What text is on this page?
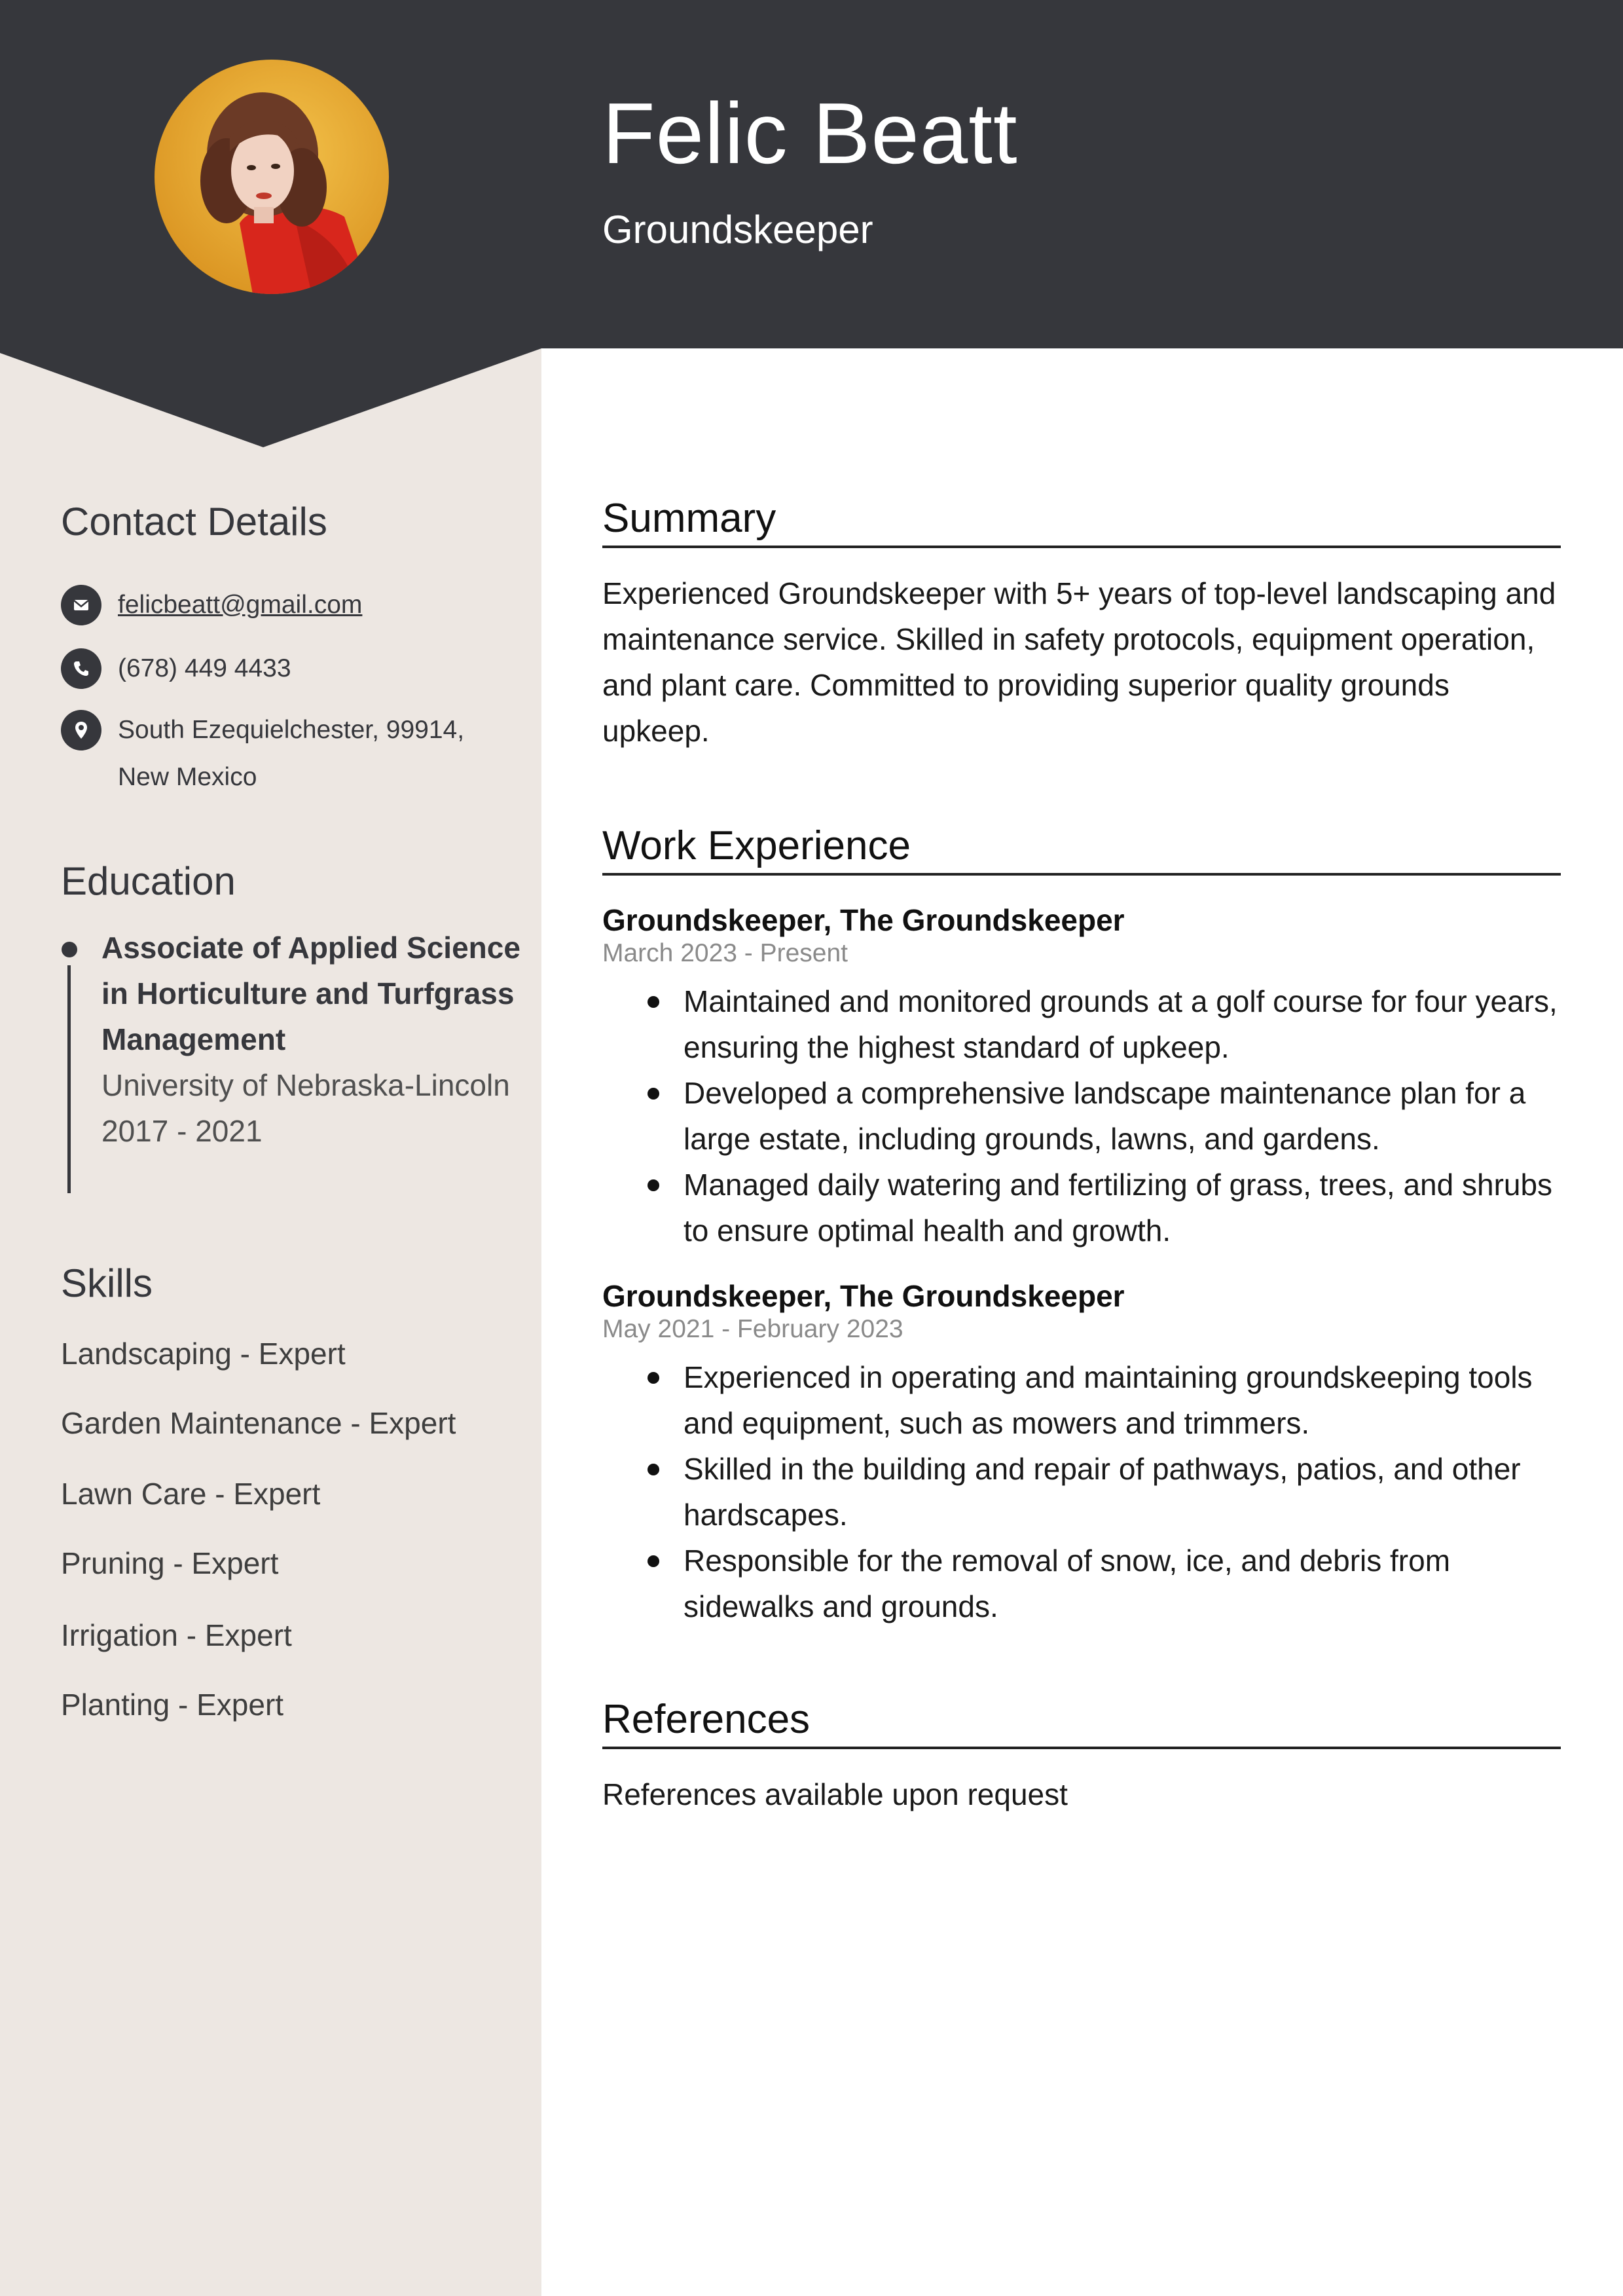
Felic Beatt
Groundskeeper
Contact Details
felicbeatt@gmail.com
(678) 449 4433
South Ezequielchester, 99914,
New Mexico
Education
Associate of Applied Science in Horticulture and Turfgrass Management
University of Nebraska-Lincoln
2017 - 2021
Skills
Landscaping - Expert
Garden Maintenance - Expert
Lawn Care - Expert
Pruning - Expert
Irrigation - Expert
Planting - Expert
Summary

Experienced Groundskeeper with 5+ years of top-level landscaping and maintenance service. Skilled in safety protocols, equipment operation, and plant care. Committed to providing superior quality grounds upkeep.

Work Experience
Groundskeeper, The Groundskeeper
March 2023 - Present
Maintained and monitored grounds at a golf course for four years, ensuring the highest standard of upkeep.
Developed a comprehensive landscape maintenance plan for a large estate, including grounds, lawns, and gardens.
Managed daily watering and fertilizing of grass, trees, and shrubs to ensure optimal health and growth.
Groundskeeper, The Groundskeeper
May 2021 - February 2023
Experienced in operating and maintaining groundskeeping tools and equipment, such as mowers and trimmers.
Skilled in the building and repair of pathways, patios, and other hardscapes.
Responsible for the removal of snow, ice, and debris from sidewalks and grounds.
References

References available upon request
